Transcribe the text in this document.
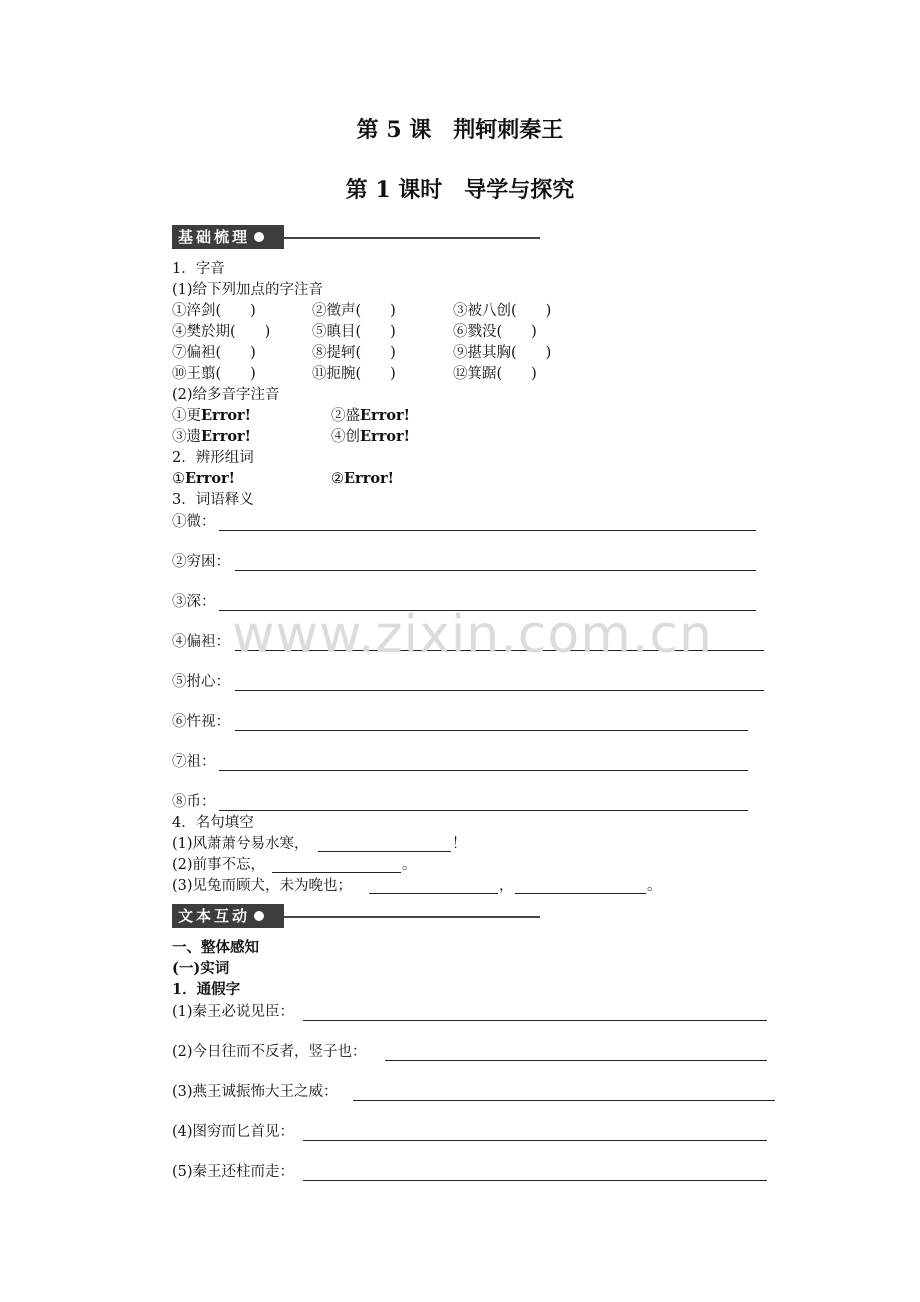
第 5 课　荆轲刺秦王
第 1 课时　导学与探究
基础梳理
1．字音
(1)给下列加点的字注音
①淬剑(　　)	②徵声(　　)	③被八创(　　)
④樊於期(　　)	⑤瞋目(　　)	⑥戮没(　　)
⑦偏袒(　　)	⑧提轲(　　)	⑨揕其胸(　　)
⑩王翦(　　)	⑪扼腕(　　)	⑫箕踞(　　)
(2)给多音字注音
①更Error!	②盛Error!
③遗Error!	④创Error!
2．辨形组词
①Error!	②Error!
3．词语释义
①微：
②穷困：
③深：
④偏袒：
⑤拊心：
⑥忤视：
⑦祖：
⑧币：
4．名句填空
(1)风萧萧兮易水寒，	！
(2)前事不忘，	。
(3)见兔而顾犬，未为晚也；	，	。
文本互动
一、整体感知
(一)实词
1．通假字
(1)秦王必说见臣：
(2)今日往而不反者，竖子也：
(3)燕王诚振怖大王之威：
(4)图穷而匕首见：
(5)秦王还柱而走：
www.zixin.com.cn
